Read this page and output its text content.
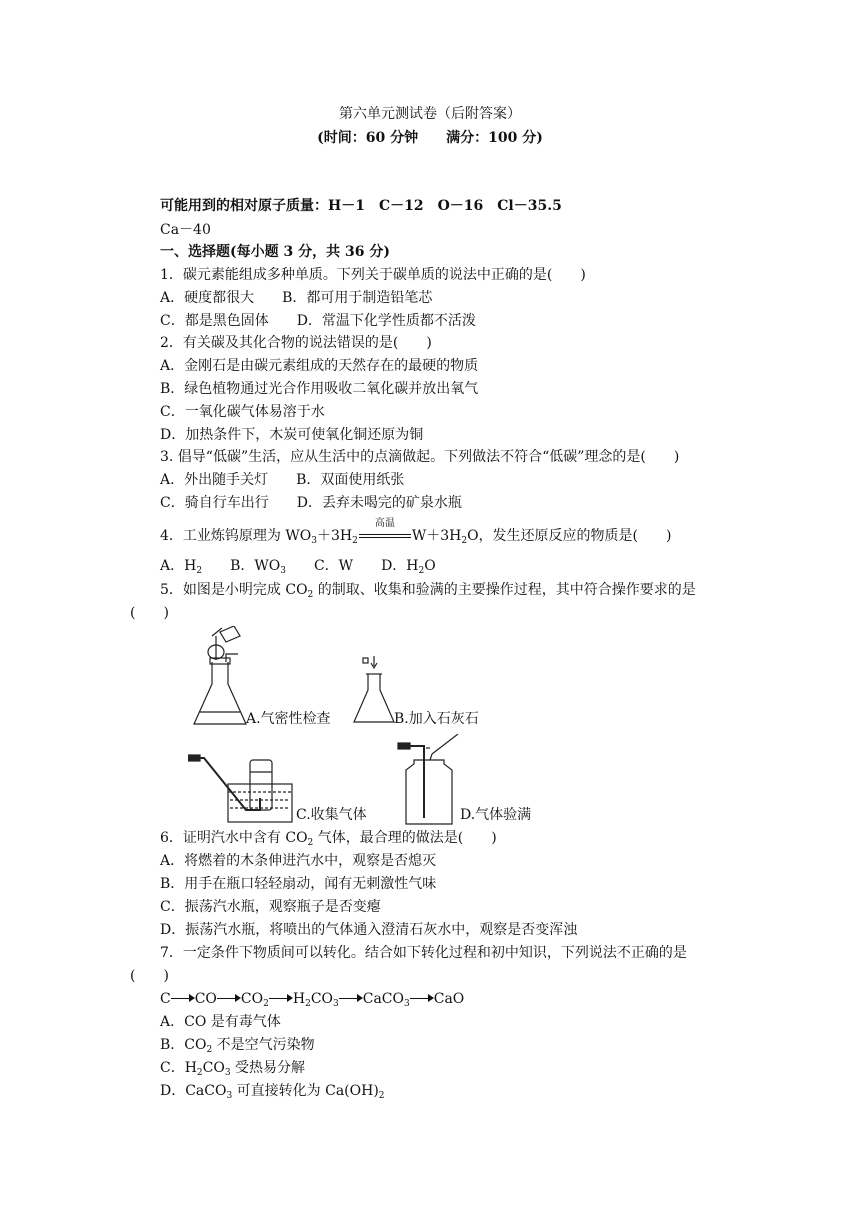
第六单元测试卷（后附答案）
(时间：60 分钟　　满分：100 分)
可能用到的相对原子质量：H－1　C－12　O－16　Cl－35.5
Ca－40
一、选择题(每小题 3 分，共 36 分)
1．碳元素能组成多种单质。下列关于碳单质的说法中正确的是(　　)
A．硬度都很大　　B．都可用于制造铅笔芯
C．都是黑色固体　　D．常温下化学性质都不活泼
2．有关碳及其化合物的说法错误的是(　　)
A．金刚石是由碳元素组成的天然存在的最硬的物质
B．绿色植物通过光合作用吸收二氧化碳并放出氧气
C．一氧化碳气体易溶于水
D．加热条件下，木炭可使氧化铜还原为铜
3. 倡导“低碳”生活，应从生活中的点滴做起。下列做法不符合“低碳”理念的是(　　)
A．外出随手关灯　　B．双面使用纸张
C．骑自行车出行　　D．丢弃未喝完的矿泉水瓶
4．工业炼钨原理为 $WO_3+3H_2$
高温
$W+3H_2O$，发生还原反应的物质是(　　)
A．$H_2$　　 B．$WO_3$　　 C．W　　 D．$H_2O$
5．如图是小明完成 $CO_2$ 的制取、收集和验满的主要操作过程，其中符合操作要求的是
(　　)
A.气密性检查	B.加入石灰石
C.收集气体	D.气体验满
6．证明汽水中含有 $CO_2$ 气体，最合理的做法是(　　)
A．将燃着的木条伸进汽水中，观察是否熄灭
B．用手在瓶口轻轻扇动，闻有无刺激性气味
C．振荡汽水瓶，观察瓶子是否变瘪
D．振荡汽水瓶，将喷出的气体通入澄清石灰水中，观察是否变浑浊
7．一定条件下物质间可以转化。结合如下转化过程和初中知识，下列说法不正确的是
(　　)
C CO $CO_2$ $H_2CO_3$ CaCO$_3$ CaO
A．CO 是有毒气体
B．$CO_2$ 不是空气污染物
C．$H_2CO_3$ 受热易分解
D．CaCO$_3$ 可直接转化为 $Ca(OH)_2$
